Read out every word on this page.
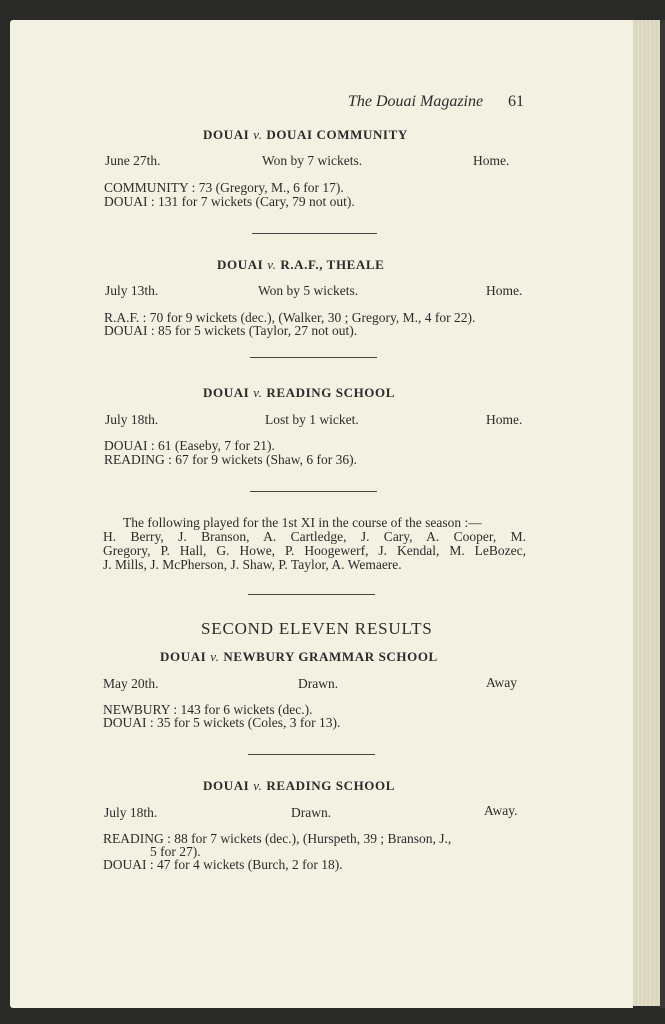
The Douai Magazine 61
DOUAI v. DOUAI COMMUNITY
June 27th.	Won by 7 wickets.	Home.
COMMUNITY : 73 (Gregory, M., 6 for 17).
DOUAI : 131 for 7 wickets (Cary, 79 not out).
DOUAI v. R.A.F., THEALE
July 13th.	Won by 5 wickets.	Home.
R.A.F. : 70 for 9 wickets (dec.), (Walker, 30 ; Gregory, M., 4 for 22).
DOUAI : 85 for 5 wickets (Taylor, 27 not out).
DOUAI v. READING SCHOOL
July 18th.	Lost by 1 wicket.	Home.
DOUAI : 61 (Easeby, 7 for 21).
READING : 67 for 9 wickets (Shaw, 6 for 36).
The following played for the 1st XI in the course of the season :—
H. Berry, J. Branson, A. Cartledge, J. Cary, A. Cooper, M.
Gregory, P. Hall, G. Howe, P. Hoogewerf, J. Kendal, M. LeBozec,
J. Mills, J. McPherson, J. Shaw, P. Taylor, A. Wemaere.
SECOND ELEVEN RESULTS
DOUAI v. NEWBURY GRAMMAR SCHOOL
May 20th.	Drawn.	Away
NEWBURY : 143 for 6 wickets (dec.).
DOUAI : 35 for 5 wickets (Coles, 3 for 13).
DOUAI v. READING SCHOOL
July 18th.	Drawn.	Away.
READING : 88 for 7 wickets (dec.), (Hurspeth, 39 ; Branson, J.,
5 for 27).
DOUAI : 47 for 4 wickets (Burch, 2 for 18).
